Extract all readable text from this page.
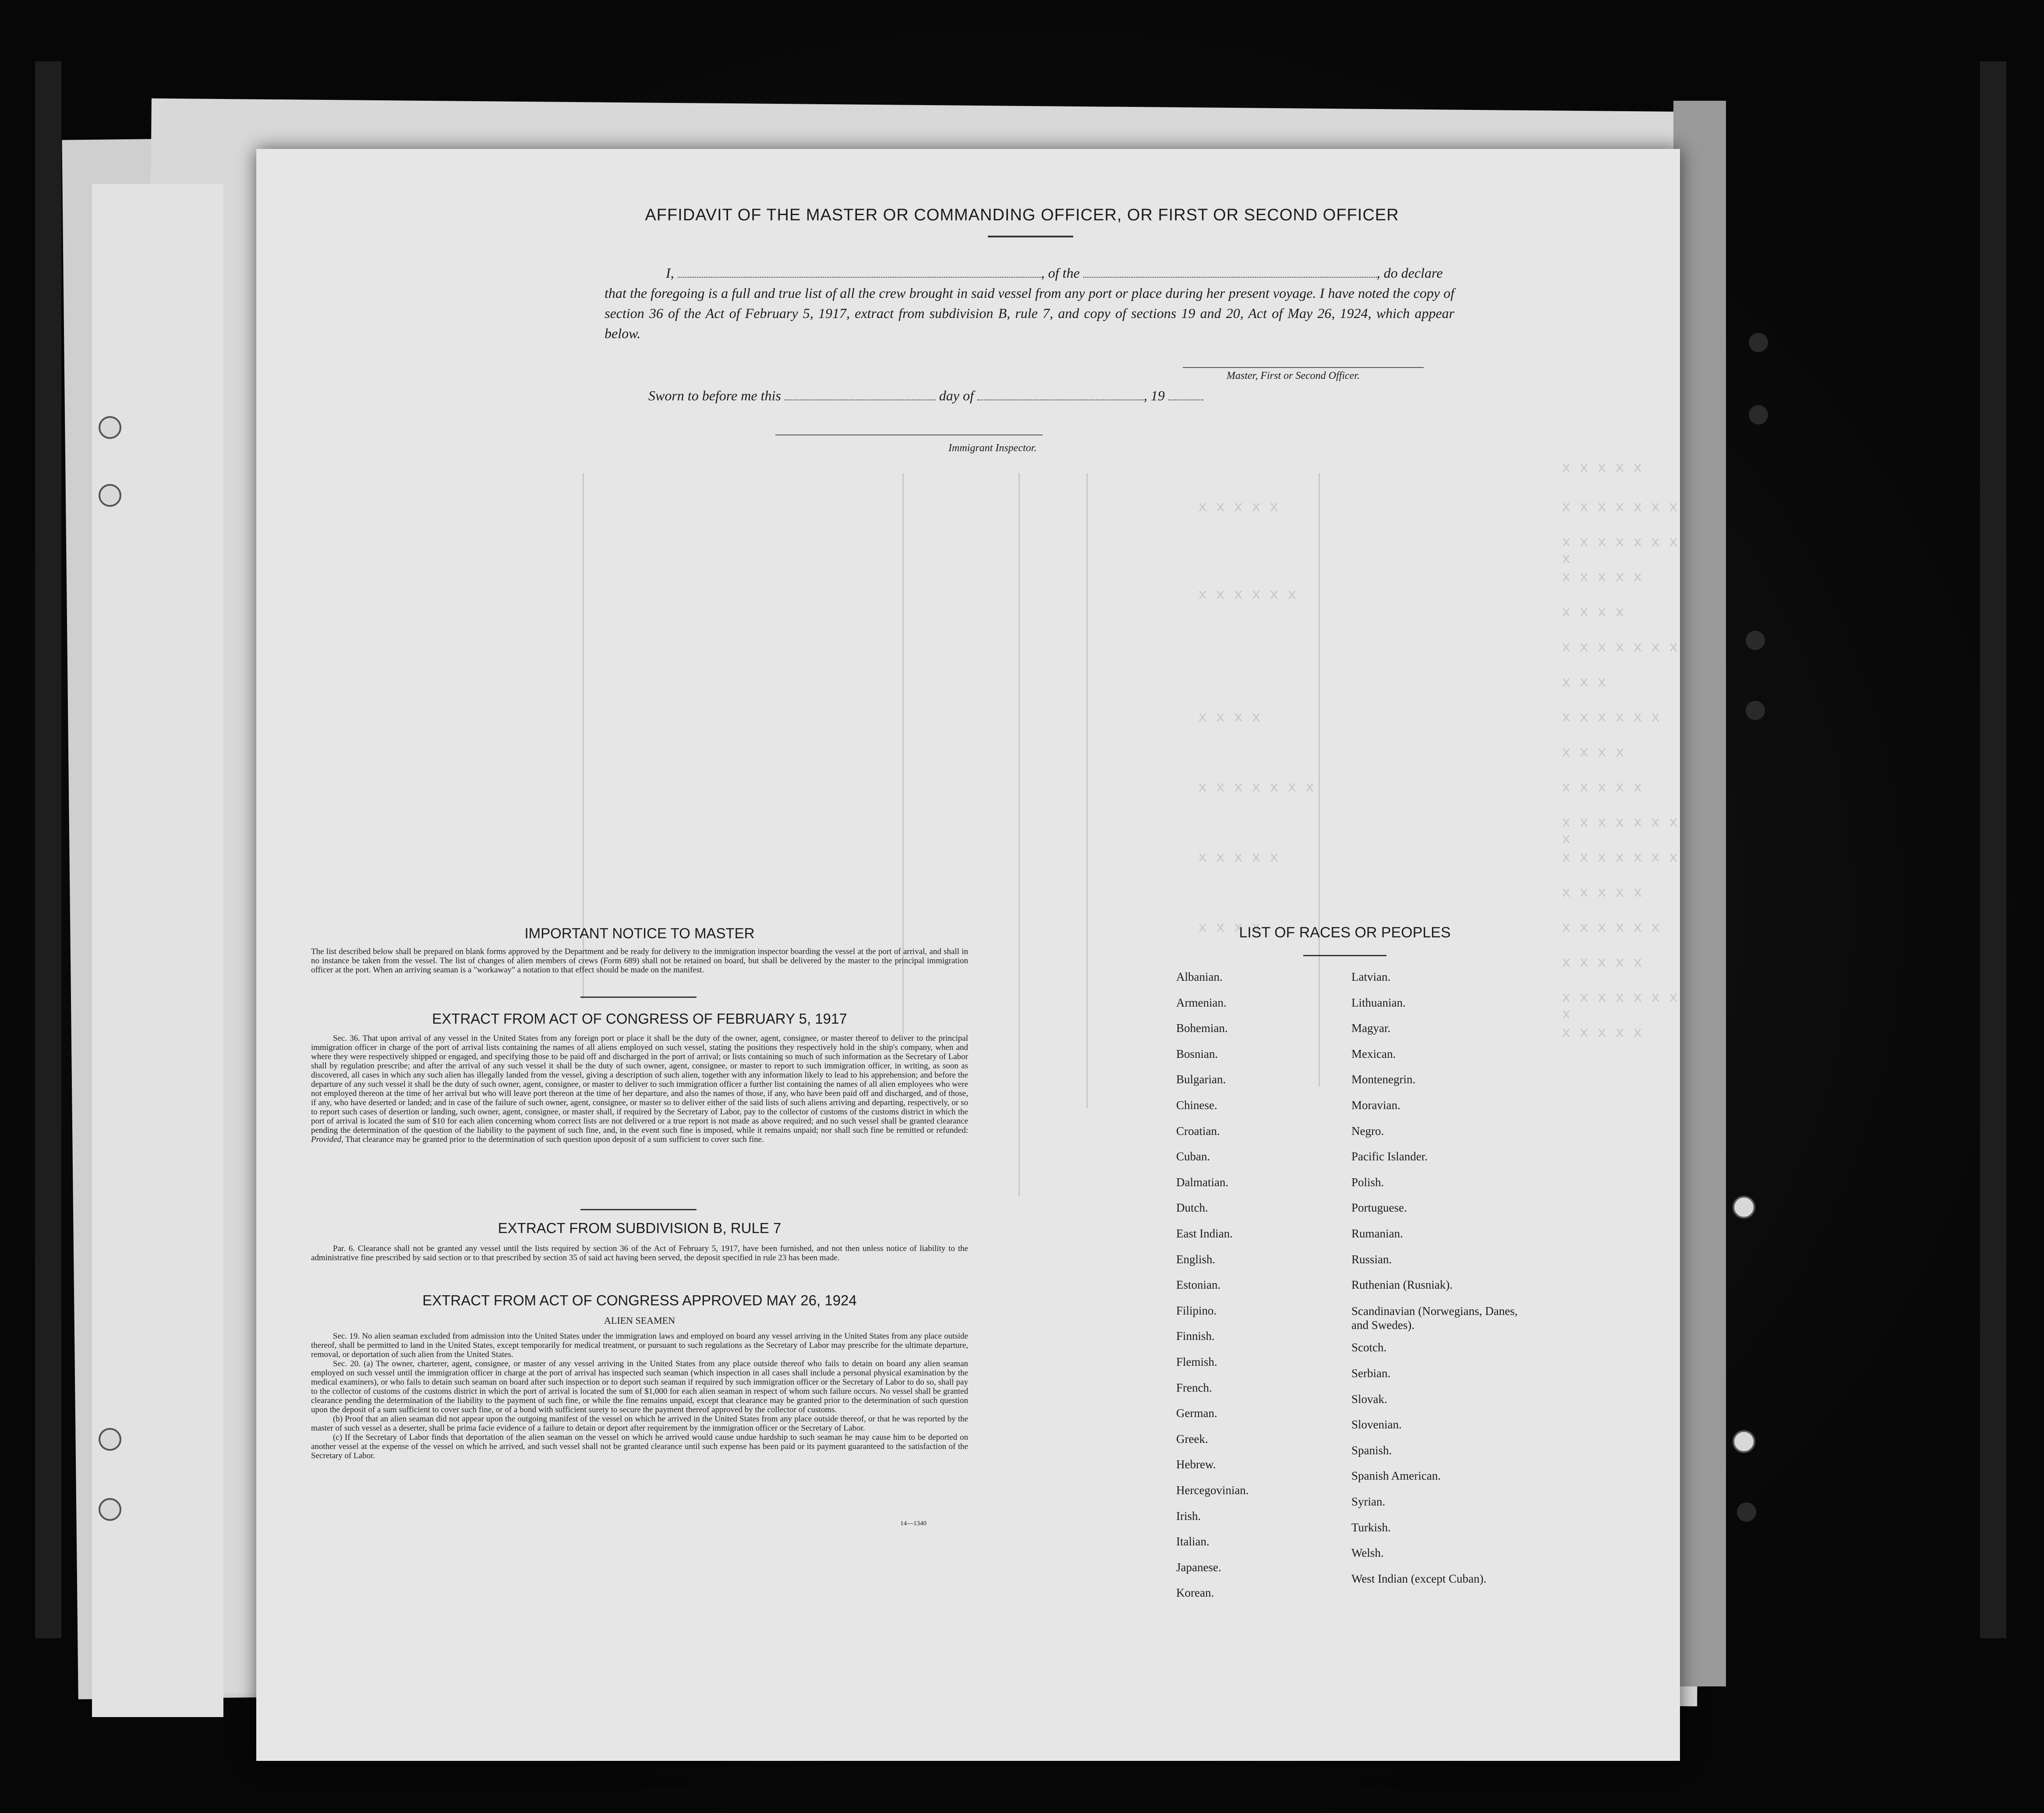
x x x x x
x x x x x x x
x x x x x x x x
x x x x x
x x x x
x x x x x x x
x x x
x x x x x x
x x x x
x x x x x
x x x x x x x x
x x x x x x x
x x x x x
x x x x x x
x x x x x
x x x x x x x x
x x x x x
x x x x x
x x x x x x
x x x x
x x x x x x x
x x x x x
x x x x
AFFIDAVIT OF THE MASTER OR COMMANDING OFFICER, OR FIRST OR SECOND OFFICER
I,	, of the	, do declare
that the foregoing is a full and true list of all the crew brought in said vessel from any port or place during her present voyage. I have noted the copy of section 36 of the Act of February 5, 1917, extract from subdivision B, rule 7, and copy of sections 19 and 20, Act of May 26, 1924, which appear below.
Master, First or Second Officer.
Sworn to before me this	day of	, 19
Immigrant Inspector.
IMPORTANT NOTICE TO MASTER
The list described below shall be prepared on blank forms approved by the Department and be ready for delivery to the immigration inspector boarding the vessel at the port of arrival, and shall in no instance be taken from the vessel. The list of changes of alien members of crews (Form 689) shall not be retained on board, but shall be delivered by the master to the principal immigration officer at the port. When an arriving seaman is a "workaway" a notation to that effect should be made on the manifest.
EXTRACT FROM ACT OF CONGRESS OF FEBRUARY 5, 1917
Sec. 36. That upon arrival of any vessel in the United States from any foreign port or place it shall be the duty of the owner, agent, consignee, or master thereof to deliver to the principal immigration officer in charge of the port of arrival lists containing the names of all aliens employed on such vessel, stating the positions they respectively hold in the ship's company, when and where they were respectively shipped or engaged, and specifying those to be paid off and discharged in the port of arrival; or lists containing so much of such information as the Secretary of Labor shall by regulation prescribe; and after the arrival of any such vessel it shall be the duty of such owner, agent, consignee, or master to report to such immigration officer, in writing, as soon as discovered, all cases in which any such alien has illegally landed from the vessel, giving a description of such alien, together with any information likely to lead to his apprehension; and before the departure of any such vessel it shall be the duty of such owner, agent, consignee, or master to deliver to such immigration officer a further list containing the names of all alien employees who were not employed thereon at the time of her arrival but who will leave port thereon at the time of her departure, and also the names of those, if any, who have been paid off and discharged, and of those, if any, who have deserted or landed; and in case of the failure of such owner, agent, consignee, or master so to deliver either of the said lists of such aliens arriving and departing, respectively, or so to report such cases of desertion or landing, such owner, agent, consignee, or master shall, if required by the Secretary of Labor, pay to the collector of customs of the customs district in which the port of arrival is located the sum of $10 for each alien concerning whom correct lists are not delivered or a true report is not made as above required; and no such vessel shall be granted clearance pending the determination of the question of the liability to the payment of such fine, and, in the event such fine is imposed, while it remains unpaid; nor shall such fine be remitted or refunded: Provided, That clearance may be granted prior to the determination of such question upon deposit of a sum sufficient to cover such fine.
EXTRACT FROM SUBDIVISION B, RULE 7
Par. 6. Clearance shall not be granted any vessel until the lists required by section 36 of the Act of February 5, 1917, have been furnished, and not then unless notice of liability to the administrative fine prescribed by said section or to that prescribed by section 35 of said act having been served, the deposit specified in rule 23 has been made.
EXTRACT FROM ACT OF CONGRESS APPROVED MAY 26, 1924
ALIEN SEAMEN
Sec. 19. No alien seaman excluded from admission into the United States under the immigration laws and employed on board any vessel arriving in the United States from any place outside thereof, shall be permitted to land in the United States, except temporarily for medical treatment, or pursuant to such regulations as the Secretary of Labor may prescribe for the ultimate departure, removal, or deportation of such alien from the United States.
Sec. 20. (a) The owner, charterer, agent, consignee, or master of any vessel arriving in the United States from any place outside thereof who fails to detain on board any alien seaman employed on such vessel until the immigration officer in charge at the port of arrival has inspected such seaman (which inspection in all cases shall include a personal physical examination by the medical examiners), or who fails to detain such seaman on board after such inspection or to deport such seaman if required by such immigration officer or the Secretary of Labor to do so, shall pay to the collector of customs of the customs district in which the port of arrival is located the sum of $1,000 for each alien seaman in respect of whom such failure occurs. No vessel shall be granted clearance pending the determination of the liability to the payment of such fine, or while the fine remains unpaid, except that clearance may be granted prior to the determination of such question upon the deposit of a sum sufficient to cover such fine, or of a bond with sufficient surety to secure the payment thereof approved by the collector of customs.
(b) Proof that an alien seaman did not appear upon the outgoing manifest of the vessel on which he arrived in the United States from any place outside thereof, or that he was reported by the master of such vessel as a deserter, shall be prima facie evidence of a failure to detain or deport after requirement by the immigration officer or the Secretary of Labor.
(c) If the Secretary of Labor finds that deportation of the alien seaman on the vessel on which he arrived would cause undue hardship to such seaman he may cause him to be deported on another vessel at the expense of the vessel on which he arrived, and such vessel shall not be granted clearance until such expense has been paid or its payment guaranteed to the satisfaction of the Secretary of Labor.
14—1340
LIST OF RACES OR PEOPLES
Albanian.
Armenian.
Bohemian.
Bosnian.
Bulgarian.
Chinese.
Croatian.
Cuban.
Dalmatian.
Dutch.
East Indian.
English.
Estonian.
Filipino.
Finnish.
Flemish.
French.
German.
Greek.
Hebrew.
Hercegovinian.
Irish.
Italian.
Japanese.
Korean.
Latvian.
Lithuanian.
Magyar.
Mexican.
Montenegrin.
Moravian.
Negro.
Pacific Islander.
Polish.
Portuguese.
Rumanian.
Russian.
Ruthenian (Rusniak).
Scandinavian (Norwegians, Danes, and Swedes).
Scotch.
Serbian.
Slovak.
Slovenian.
Spanish.
Spanish American.
Syrian.
Turkish.
Welsh.
West Indian (except Cuban).
